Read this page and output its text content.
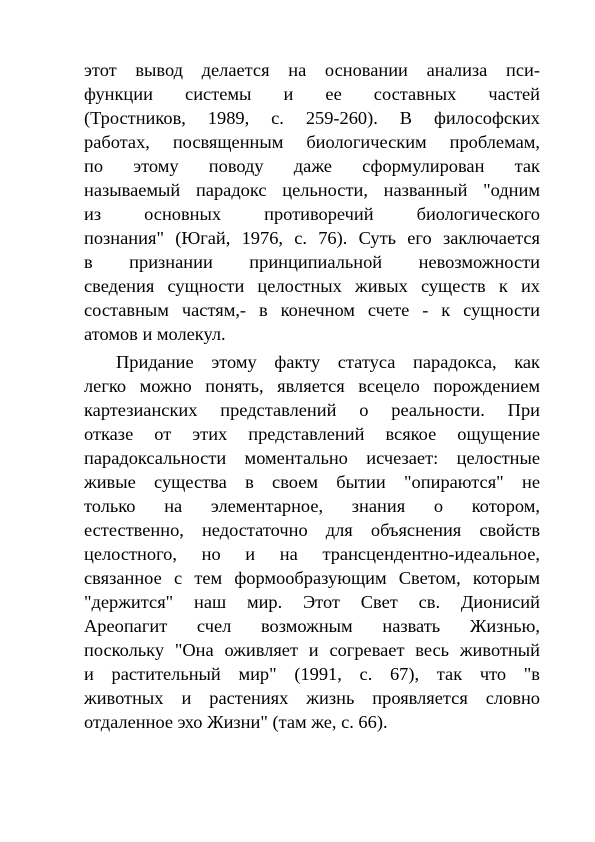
этот вывод делается на основании анализа пси-
функции системы и ее составных частей
(Тростников, 1989, с. 259-260). В философских
работах, посвященным биологическим проблемам,
по этому поводу даже сформулирован так
называемый парадокс цельности, названный "одним
из основных противоречий биологического
познания" (Югай, 1976, с. 76). Суть его заключается
в признании принципиальной невозможности
сведения сущности целостных живых существ к их
составным частям,- в конечном счете - к сущности
атомов и молекул.
Придание этому факту статуса парадокса, как
легко можно понять, является всецело порождением
картезианских представлений о реальности. При
отказе от этих представлений всякое ощущение
парадоксальности моментально исчезает: целостные
живые существа в своем бытии "опираются" не
только на элементарное, знания о котором,
естественно, недостаточно для объяснения свойств
целостного, но и на трансцендентно-идеальное,
связанное с тем формообразующим Светом, которым
"держится" наш мир. Этот Свет св. Дионисий
Ареопагит счел возможным назвать Жизнью,
поскольку "Она оживляет и согревает весь животный
и растительный мир" (1991, с. 67), так что "в
животных и растениях жизнь проявляется словно
отдаленное эхо Жизни" (там же, с. 66).
